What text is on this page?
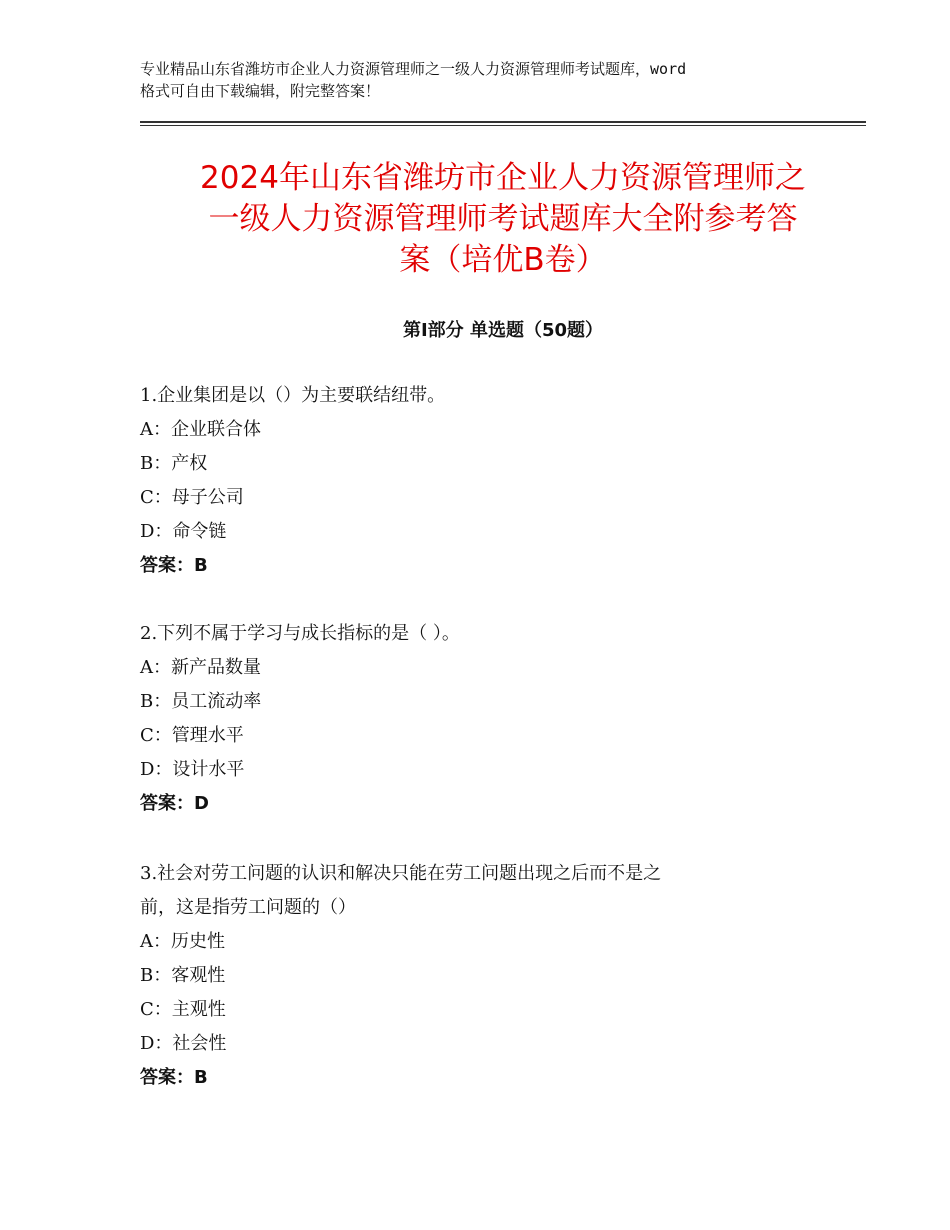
专业精品山东省潍坊市企业人力资源管理师之一级人力资源管理师考试题库，word
格式可自由下载编辑，附完整答案！
2024年山东省潍坊市企业人力资源管理师之
一级人力资源管理师考试题库大全附参考答
案（培优B卷）
第Ⅰ部分 单选题（50题）
1.企业集团是以（）为主要联结纽带。
A：企业联合体
B：产权
C：母子公司
D：命令链
答案：B
2.下列不属于学习与成长指标的是（ ）。
A：新产品数量
B：员工流动率
C：管理水平
D：设计水平
答案：D
3.社会对劳工问题的认识和解决只能在劳工问题出现之后而不是之
前，这是指劳工问题的（）
A：历史性
B：客观性
C：主观性
D：社会性
答案：B
